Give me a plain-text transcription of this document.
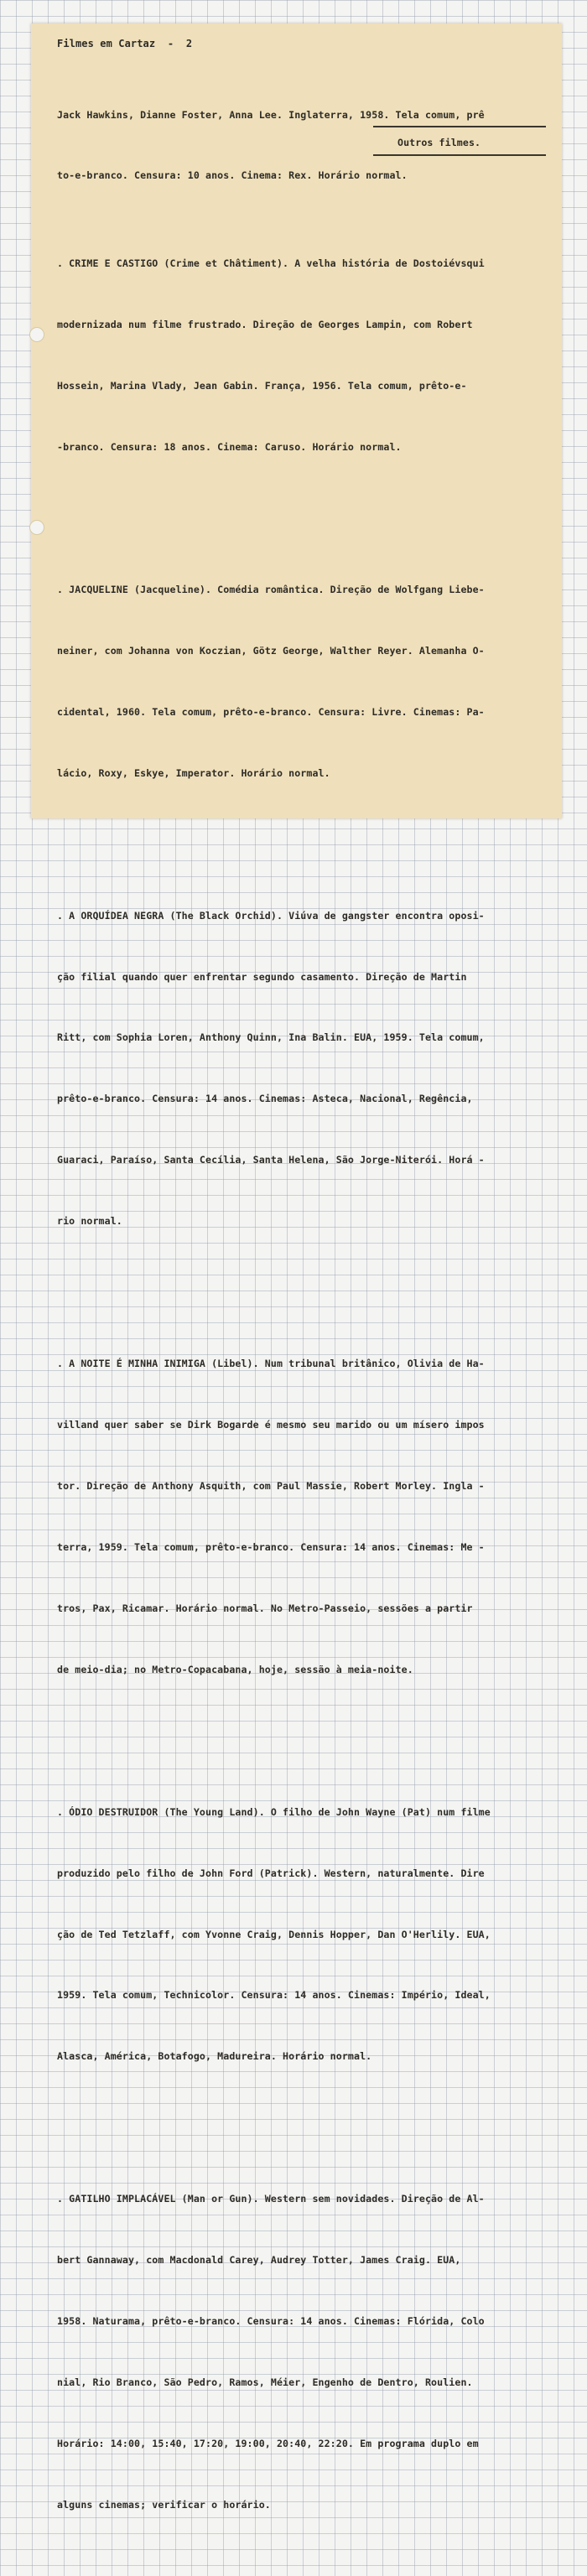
Filmes em Cartaz  -  2

Jack Hawkins, Dianne Foster, Anna Lee. Inglaterra, 1958. Tela comum, prê

to-e-branco. Censura: 10 anos. Cinema: Rex. Horário normal.

Outros filmes.

. CRIME E CASTIGO (Crime et Châtiment). A velha história de Dostoiévsqui

modernizada num filme frustrado. Direção de Georges Lampin, com Robert

Hossein, Marina Vlady, Jean Gabin. França, 1956. Tela comum, prêto-e-

-branco. Censura: 18 anos. Cinema: Caruso. Horário normal.

. JACQUELINE (Jacqueline). Comédia romântica. Direção de Wolfgang Liebe-

neiner, com Johanna von Koczian, Götz George, Walther Reyer. Alemanha O-

cidental, 1960. Tela comum, prêto-e-branco. Censura: Livre. Cinemas: Pa-

lácio, Roxy, Eskye, Imperator. Horário normal.

. A ORQUÍDEA NEGRA (The Black Orchid). Viúva de gangster encontra oposi-

ção filial quando quer enfrentar segundo casamento. Direção de Martin

Ritt, com Sophia Loren, Anthony Quinn, Ina Balin. EUA, 1959. Tela comum,

prêto-e-branco. Censura: 14 anos. Cinemas: Asteca, Nacional, Regência,

Guaraci, Paraíso, Santa Cecília, Santa Helena, São Jorge-Niterói. Horá -

rio normal.

. A NOITE É MINHA INIMIGA (Libel). Num tribunal britânico, Olivia de Ha-

villand quer saber se Dirk Bogarde é mesmo seu marido ou um mísero impos

tor. Direção de Anthony Asquith, com Paul Massie, Robert Morley. Ingla -

terra, 1959. Tela comum, prêto-e-branco. Censura: 14 anos. Cinemas: Me -

tros, Pax, Ricamar. Horário normal. No Metro-Passeio, sessões a partir

de meio-dia; no Metro-Copacabana, hoje, sessão à meia-noite.

. ÓDIO DESTRUIDOR (The Young Land). O filho de John Wayne (Pat) num filme

produzido pelo filho de John Ford (Patrick). Western, naturalmente. Dire

ção de Ted Tetzlaff, com Yvonne Craig, Dennis Hopper, Dan O'Herlily. EUA,

1959. Tela comum, Technicolor. Censura: 14 anos. Cinemas: Império, Ideal,

Alasca, América, Botafogo, Madureira. Horário normal.

. GATILHO IMPLACÁVEL (Man or Gun). Western sem novidades. Direção de Al-

bert Gannaway, com Macdonald Carey, Audrey Totter, James Craig. EUA,

1958. Naturama, prêto-e-branco. Censura: 14 anos. Cinemas: Flórida, Colo

nial, Rio Branco, São Pedro, Ramos, Méier, Engenho de Dentro, Roulien.

Horário: 14:00, 15:40, 17:20, 19:00, 20:40, 22:20. Em programa duplo em

alguns cinemas; verificar o horário.
